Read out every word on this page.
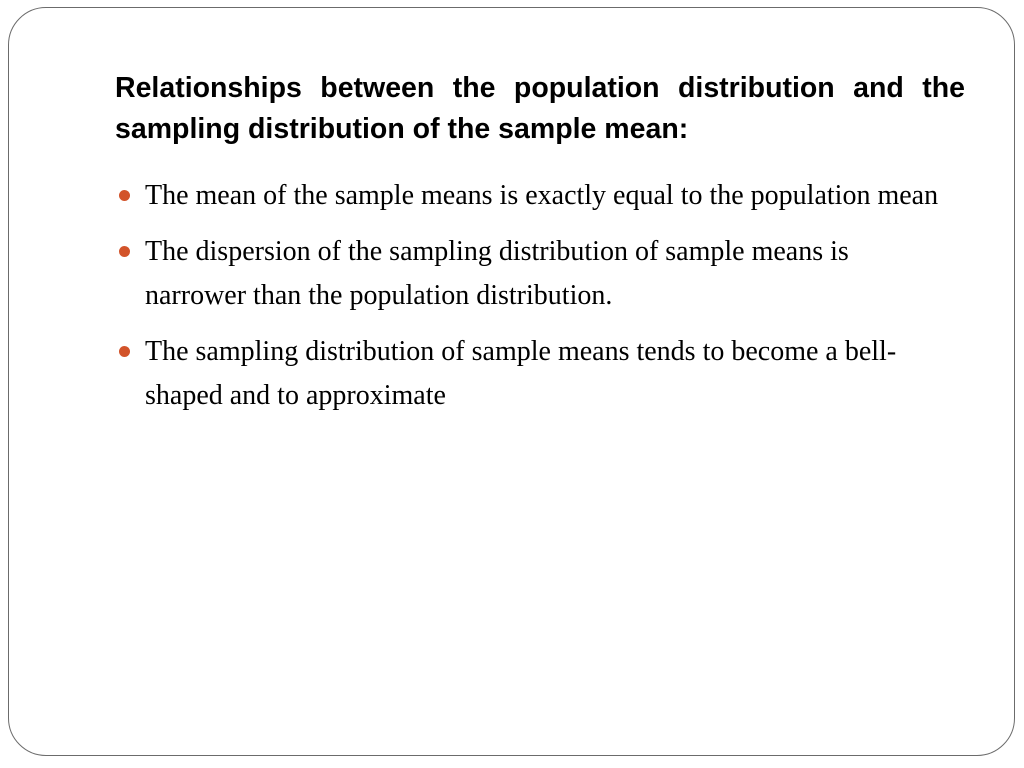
Relationships between the population distribution and the sampling distribution of the sample mean:
The mean of the sample means is exactly equal to the population mean
The dispersion of the sampling distribution of sample means is narrower than the population distribution.
The sampling distribution of sample means tends to become a bell-shaped and to approximate
